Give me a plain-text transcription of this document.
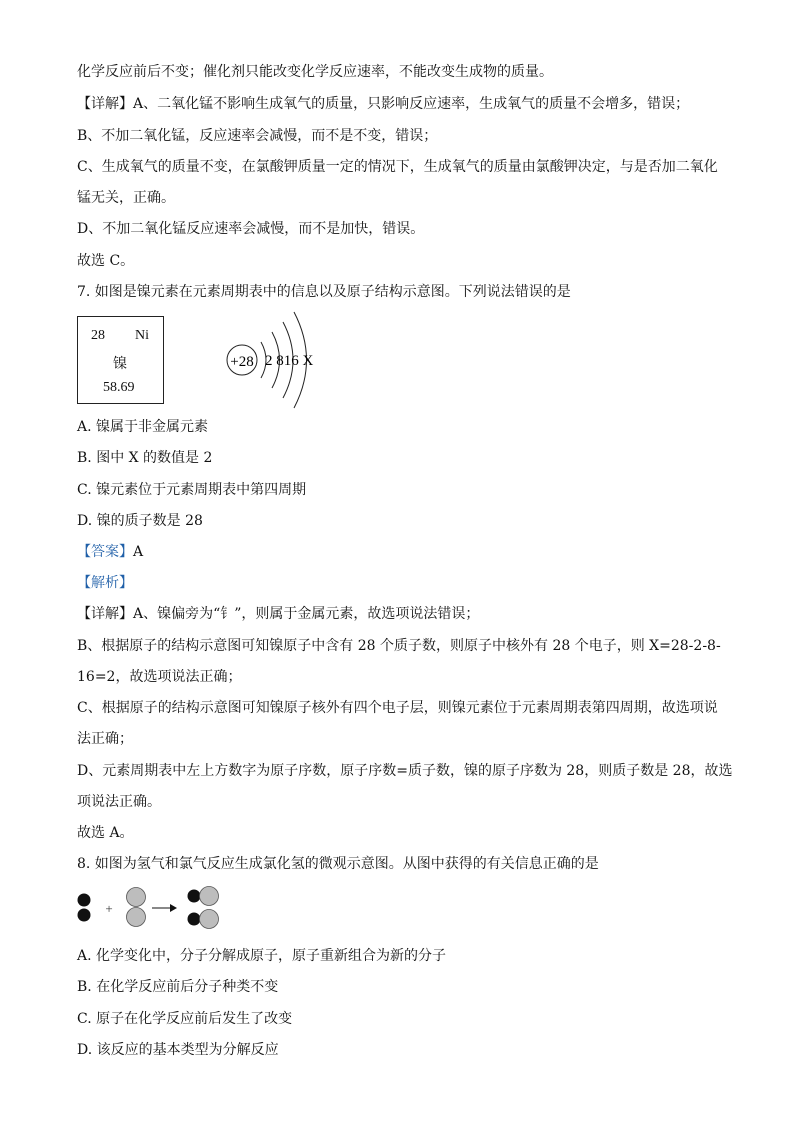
化学反应前后不变；催化剂只能改变化学反应速率，不能改变生成物的质量。
【详解】A、二氧化锰不影响生成氧气的质量，只影响反应速率，生成氧气的质量不会增多，错误；
B、不加二氧化锰，反应速率会减慢，而不是不变，错误；
C、生成氧气的质量不变，在氯酸钾质量一定的情况下，生成氧气的质量由氯酸钾决定，与是否加二氧化
锰无关，正确。
D、不加二氧化锰反应速率会减慢，而不是加快，错误。
故选 C。
7. 如图是镍元素在元素周期表中的信息以及原子结构示意图。下列说法错误的是
28 Ni
镍
58.69
+28 2 816 X
A. 镍属于非金属元素
B. 图中 X 的数值是 2
C. 镍元素位于元素周期表中第四周期
D. 镍的质子数是 28
【答案】A
【解析】
【详解】A、镍偏旁为“钅”，则属于金属元素，故选项说法错误；
B、根据原子的结构示意图可知镍原子中含有 28 个质子数，则原子中核外有 28 个电子，则 X=28-2-8-
16=2，故选项说法正确；
C、根据原子的结构示意图可知镍原子核外有四个电子层，则镍元素位于元素周期表第四周期，故选项说
法正确；
D、元素周期表中左上方数字为原子序数，原子序数=质子数，镍的原子序数为 28，则质子数是 28，故选
项说法正确。
故选 A。
8. 如图为氢气和氯气反应生成氯化氢的微观示意图。从图中获得的有关信息正确的是
+
A. 化学变化中，分子分解成原子，原子重新组合为新的分子
B. 在化学反应前后分子种类不变
C. 原子在化学反应前后发生了改变
D. 该反应的基本类型为分解反应
